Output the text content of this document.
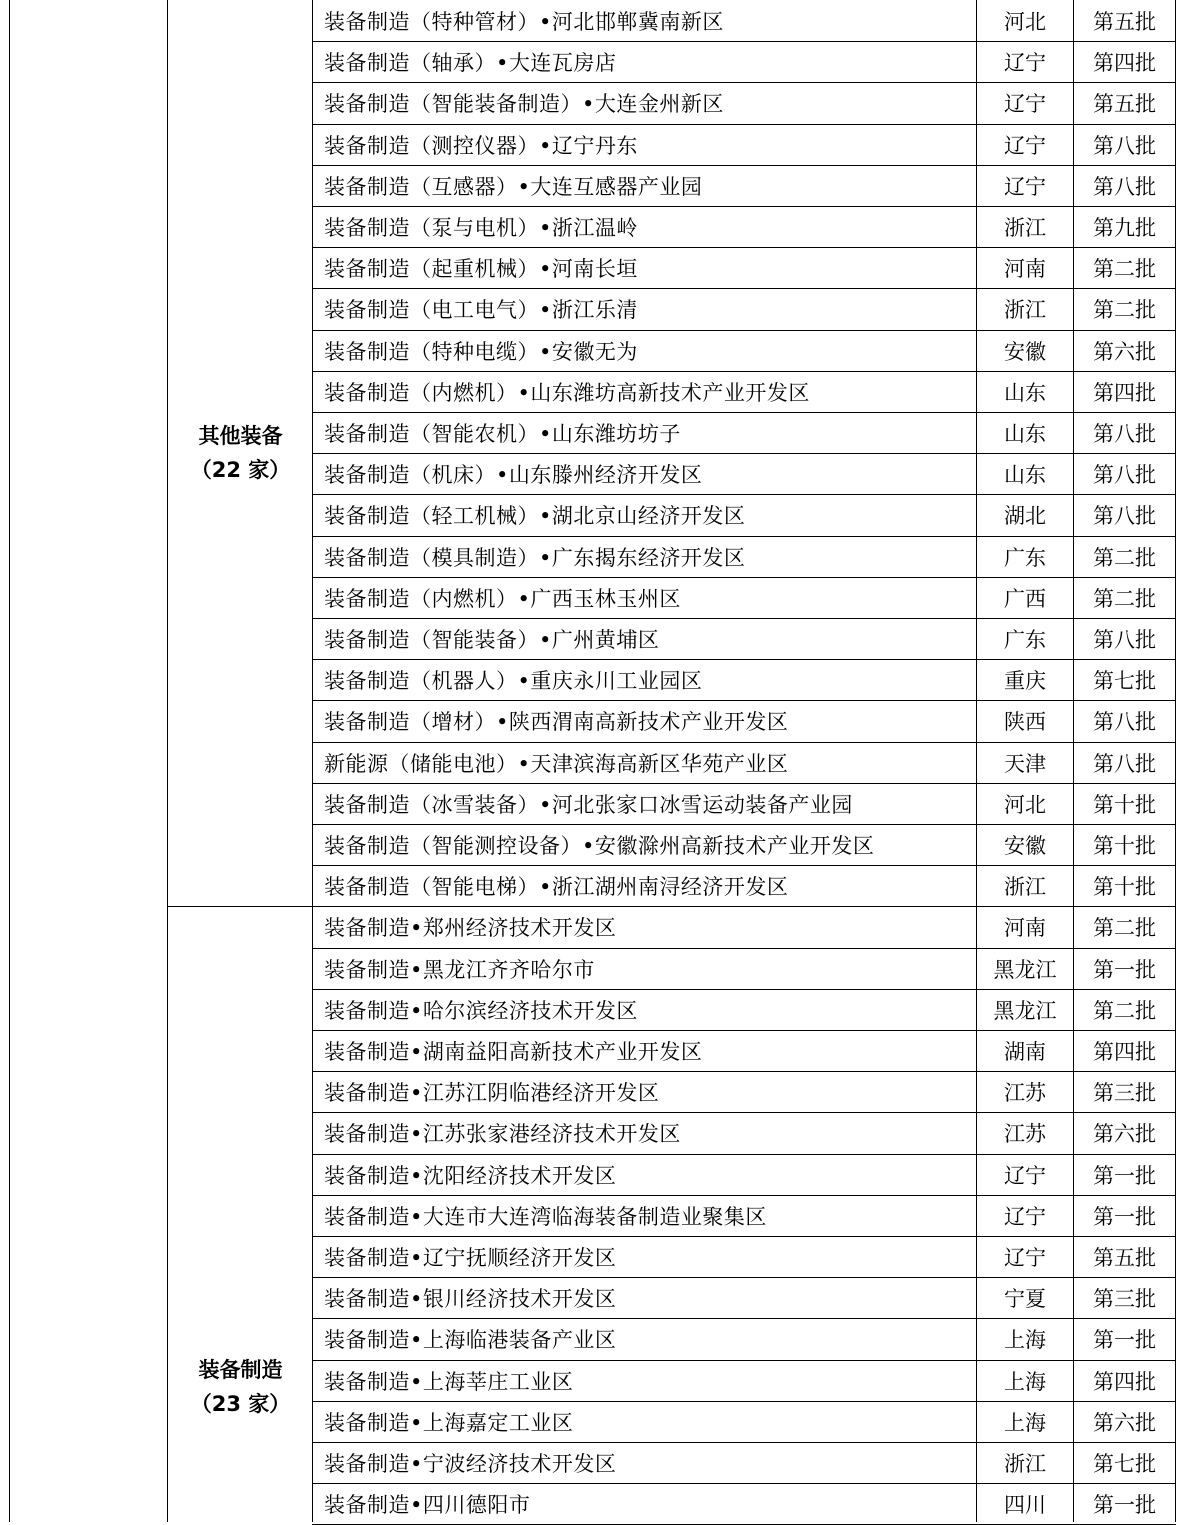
装备制造（特种管材）•河北邯郸冀南新区	河北	第五批
装备制造（轴承）•大连瓦房店	辽宁	第四批
装备制造（智能装备制造）•大连金州新区	辽宁	第五批
装备制造（测控仪器）•辽宁丹东	辽宁	第八批
装备制造（互感器）•大连互感器产业园	辽宁	第八批
装备制造（泵与电机）•浙江温岭	浙江	第九批
装备制造（起重机械）•河南长垣	河南	第二批
装备制造（电工电气）•浙江乐清	浙江	第二批
装备制造（特种电缆）•安徽无为	安徽	第六批
装备制造（内燃机）•山东潍坊高新技术产业开发区	山东	第四批
装备制造（智能农机）•山东潍坊坊子	山东	第八批
装备制造（机床）•山东滕州经济开发区	山东	第八批
装备制造（轻工机械）•湖北京山经济开发区	湖北	第八批
装备制造（模具制造）•广东揭东经济开发区	广东	第二批
装备制造（内燃机）•广西玉林玉州区	广西	第二批
装备制造（智能装备）•广州黄埔区	广东	第八批
装备制造（机器人）•重庆永川工业园区	重庆	第七批
装备制造（增材）•陕西渭南高新技术产业开发区	陕西	第八批
新能源（储能电池）•天津滨海高新区华苑产业区	天津	第八批
装备制造（冰雪装备）•河北张家口冰雪运动装备产业园	河北	第十批
装备制造（智能测控设备）•安徽滁州高新技术产业开发区	安徽	第十批
装备制造（智能电梯）•浙江湖州南浔经济开发区	浙江	第十批
其他装备
（22 家）
装备制造•郑州经济技术开发区	河南	第二批
装备制造•黑龙江齐齐哈尔市	黑龙江	第一批
装备制造•哈尔滨经济技术开发区	黑龙江	第二批
装备制造•湖南益阳高新技术产业开发区	湖南	第四批
装备制造•江苏江阴临港经济开发区	江苏	第三批
装备制造•江苏张家港经济技术开发区	江苏	第六批
装备制造•沈阳经济技术开发区	辽宁	第一批
装备制造•大连市大连湾临海装备制造业聚集区	辽宁	第一批
装备制造•辽宁抚顺经济开发区	辽宁	第五批
装备制造•银川经济技术开发区	宁夏	第三批
装备制造•上海临港装备产业区	上海	第一批
装备制造•上海莘庄工业区	上海	第四批
装备制造•上海嘉定工业区	上海	第六批
装备制造•宁波经济技术开发区	浙江	第七批
装备制造•四川德阳市	四川	第一批
装备制造
（23 家）
